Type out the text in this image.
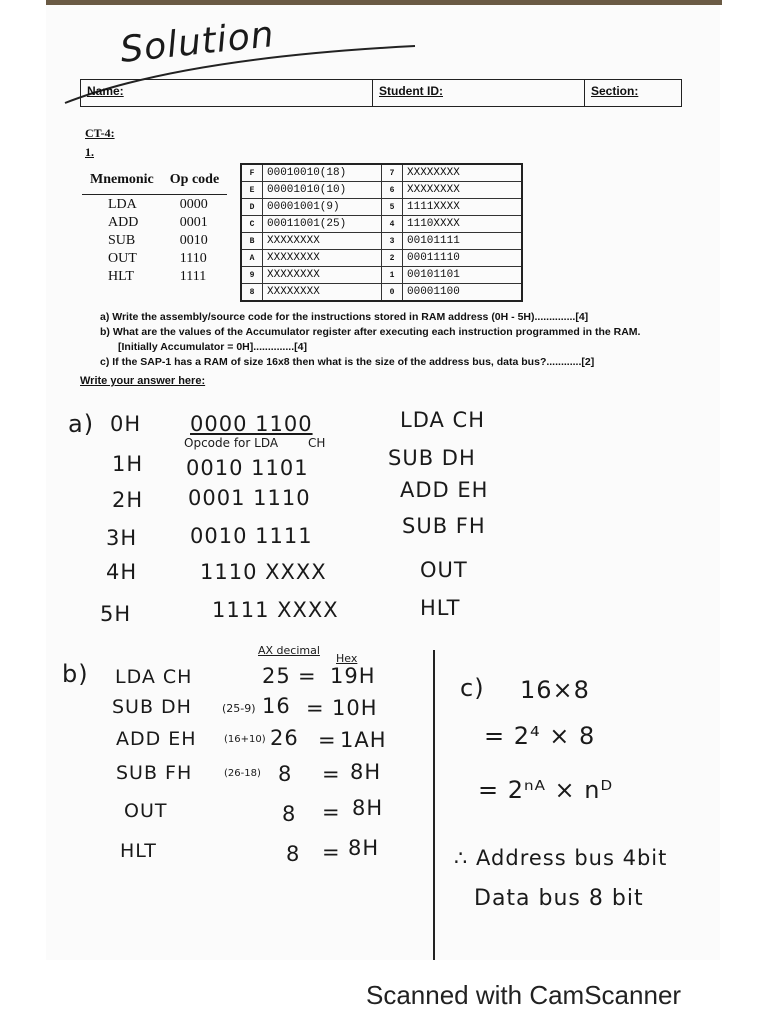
Solution
Name:	Student ID:	Section:
CT-4:
1.
Mnemonic	Op code
LDA	0000
ADD	0001
SUB	0010
OUT	1110
HLT	1111
F	00010010(18)	7	XXXXXXXX
E	00001010(10)	6	XXXXXXXX
D	00001001(9)	5	1111XXXX
C	00011001(25)	4	1110XXXX
B	XXXXXXXX	3	00101111
A	XXXXXXXX	2	00011110
9	XXXXXXXX	1	00101101
8	XXXXXXXX	0	00001100
a) Write the assembly/source code for the instructions stored in RAM address (0H - 5H)..............[4]
b) What are the values of the Accumulator register after executing each instruction programmed in the RAM.
[Initially Accumulator = 0H]..............[4]
c) If the SAP-1 has a RAM of size 16x8 then what is the size of the address bus, data bus?............[2]
Write your answer here:
a) 0H 0000 1100	LDA CH
Opcode for LDA CH
1H 0010 1101	SUB DH
2H 0001 1110	ADD EH
3H	0010 1111	SUB FH
4H	1110 XXXX	OUT
5H	1111 XXXX	HLT
b)
AX decimal
Hex
LDA CH	25 = 19H
SUB DH	(25-9) 16 = 10H
ADD EH	(16+10) 26 = 1AH
SUB FH	(26-18) 8 = 8H
OUT	8 = 8H
HLT	8 = 8H
c) 16×8
= 2⁴ × 8
= 2ⁿᴬ × nᴰ
∴ Address bus 4bit
Data bus 8 bit
Scanned with CamScanner
